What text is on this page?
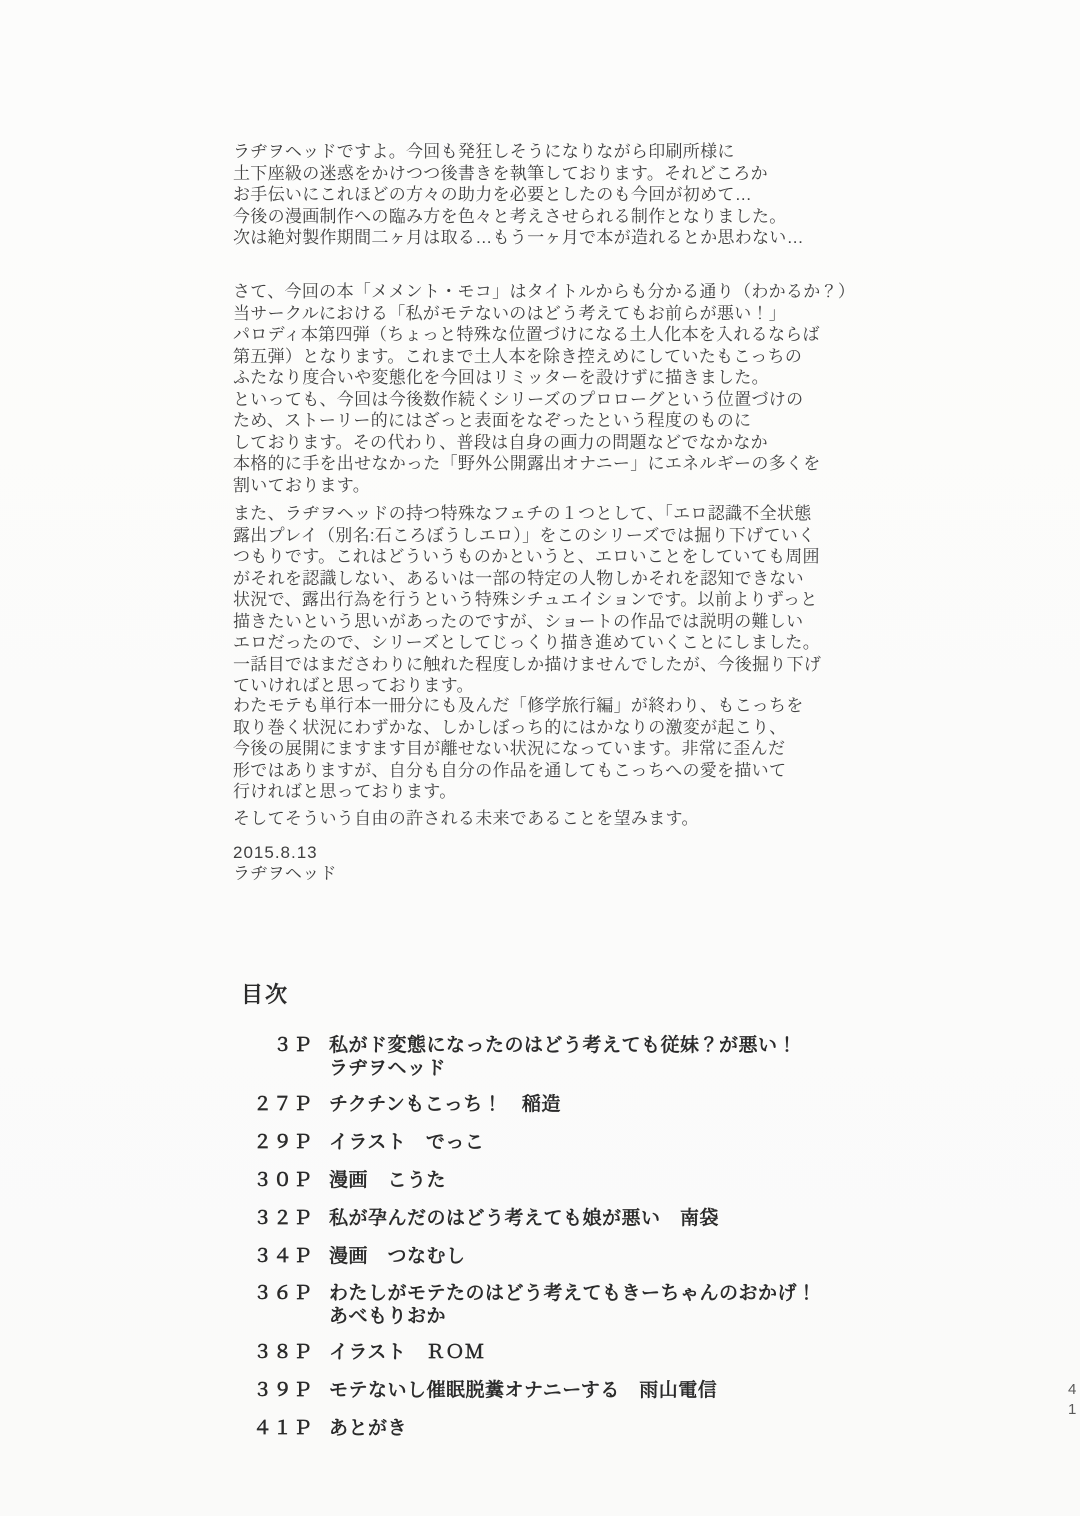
ラヂヲヘッドですよ。今回も発狂しそうになりながら印刷所様に
土下座級の迷惑をかけつつ後書きを執筆しております。それどころか
お手伝いにこれほどの方々の助力を必要としたのも今回が初めて…
今後の漫画制作への臨み方を色々と考えさせられる制作となりました。
次は絶対製作期間二ヶ月は取る…もう一ヶ月で本が造れるとか思わない…
さて、今回の本「メメント・モコ」はタイトルからも分かる通り（わかるか？）
当サークルにおける「私がモテないのはどう考えてもお前らが悪い！」
パロディ本第四弾（ちょっと特殊な位置づけになる土人化本を入れるならば
第五弾）となります。これまで土人本を除き控えめにしていたもこっちの
ふたなり度合いや変態化を今回はリミッターを設けずに描きました。
といっても、今回は今後数作続くシリーズのプロローグという位置づけの
ため、ストーリー的にはざっと表面をなぞったという程度のものに
しております。その代わり、普段は自身の画力の問題などでなかなか
本格的に手を出せなかった「野外公開露出オナニー」にエネルギーの多くを
割いております。
また、ラヂヲヘッドの持つ特殊なフェチの１つとして、「エロ認識不全状態
露出プレイ（別名:石ころぼうしエロ）」をこのシリーズでは掘り下げていく
つもりです。これはどういうものかというと、エロいことをしていても周囲
がそれを認識しない、あるいは一部の特定の人物しかそれを認知できない
状況で、露出行為を行うという特殊シチュエイションです。以前よりずっと
描きたいという思いがあったのですが、ショートの作品では説明の難しい
エロだったので、シリーズとしてじっくり描き進めていくことにしました。
一話目ではまださわりに触れた程度しか描けませんでしたが、今後掘り下げ
ていければと思っております。
わたモテも単行本一冊分にも及んだ「修学旅行編」が終わり、もこっちを
取り巻く状況にわずかな、しかしぼっち的にはかなりの激変が起こり、
今後の展開にますます目が離せない状況になっています。非常に歪んだ
形ではありますが、自分も自分の作品を通してもこっちへの愛を描いて
行ければと思っております。
そしてそういう自由の許される未来であることを望みます。
2015.8.13
ラヂヲヘッド
目次
３Ｐ 私がド変態になったのはどう考えても従妹？が悪い！
ラヂヲヘッド
２７Ｐ チクチンもこっち！　稲造
２９Ｐ イラスト　でっこ
３０Ｐ 漫画　こうた
３２Ｐ 私が孕んだのはどう考えても娘が悪い　南袋
３４Ｐ 漫画　つなむし
３６Ｐ わたしがモテたのはどう考えてもきーちゃんのおかげ！
あべもりおか
３８Ｐ イラスト　ＲＯＭ
３９Ｐ モテないし催眠脱糞オナニーする　雨山電信
４１Ｐ あとがき
4
1
